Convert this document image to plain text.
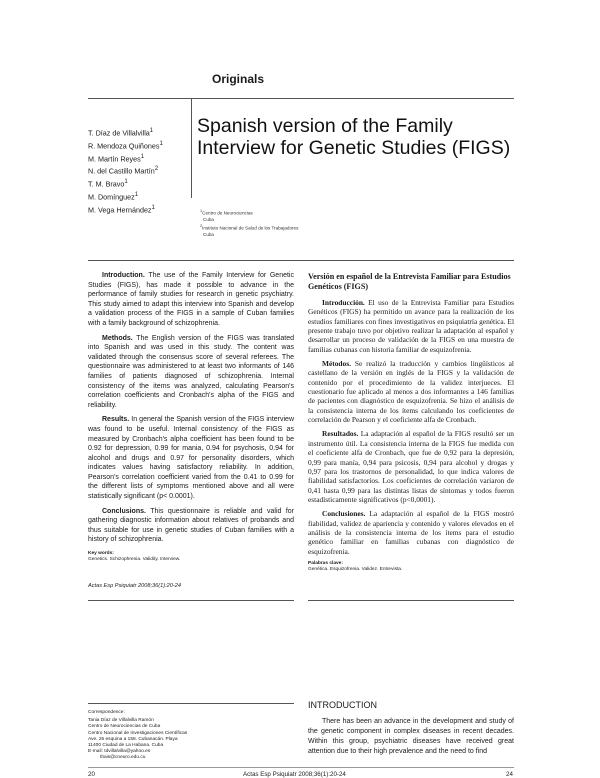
Originals
T. Díaz de Villalvilla$^1$
R. Mendoza Quiñones$^1$
M. Martín Reyes$^1$
N. del Castillo Martín$^2$
T. M. Bravo$^1$
M. Domínguez$^1$
M. Vega Hernández$^1$
Spanish version of the Family Interview for Genetic Studies (FIGS)
$^1$Centro de Neurociencias
Cuba
$^2$Instituto Nacional de Salud de los Trabajadores
Cuba

Introduction. The use of the Family Interview for Genetic Studies (FIGS), has made it possible to advance in the performance of family studies for research in genetic psychiatry. This study aimed to adapt this interview into Spanish and develop a validation process of the FIGS in a sample of Cuban families with a family background of schizophrenia.

Methods. The English version of the FIGS was translated into Spanish and was used in this study. The content was validated through the consensus score of several referees. The questionnaire was administered to at least two informants of 146 families of patients diagnosed of schizophrenia. Internal consistency of the items was analyzed, calculating Pearson's correlation coefficients and Cronbach's alpha of the FIGS and reliability.

Results. In general the Spanish version of the FIGS interview was found to be useful. Internal consistency of the FIGS as measured by Cronbach's alpha coefficient has been found to be 0.92 for depression, 0.99 for mania, 0.94 for psychosis, 0.94 for alcohol and drugs and 0.97 for personality disorders, which indicates values having satisfactory reliability. In addition, Pearson's correlation coefficient varied from the 0.41 to 0.99 for the different lists of symptoms mentioned above and all were statistically significant (p< 0.0001).

Conclusions. This questionnaire is reliable and valid for gathering diagnostic information about relatives of probands and thus suitable for use in genetic studies of Cuban families with a history of schizophrenia.

Key words:
Genetics. Schizophrenia. Validity. Interview.
Actas Esp Psiquiatr 2008;36(1):20-24
Versión en español de la Entrevista Familiar para Estudios Genéticos (FIGS)

Introducción. El uso de la Entrevista Familiar para Estudios Genéticos (FIGS) ha permitido un avance para la realización de los estudios familiares con fines investigativos en psiquiatría genética. El presente trabajo tuvo por objetivo realizar la adaptación al español y desarrollar un proceso de validación de la FIGS en una muestra de familias cubanas con historia familiar de esquizofrenia.

Métodos. Se realizó la traducción y cambios lingüísticos al castellano de la versión en inglés de la FIGS y la validación de contenido por el procedimiento de la validez interjueces. El cuestionario fue aplicado al menos a dos informantes a 146 familias de pacientes con diagnóstico de esquizofrenia. Se hizo el análisis de la consistencia interna de los ítems calculando los coeficientes de correlación de Pearson y el coeficiente alfa de Cronbach.

Resultados. La adaptación al español de la FIGS resultó ser un instrumento útil. La consistencia interna de la FIGS fue medida con el coeficiente alfa de Cronbach, que fue de 0,92 para la depresión, 0,99 para manía, 0,94 para psicosis, 0,94 para alcohol y drogas y 0,97 para los trastornos de personalidad, lo que indica valores de fiabilidad satisfactorios. Los coeficientes de correlación variaron de 0,41 hasta 0,99 para las distintas listas de síntomas y todos fueron estadísticamente significativos (p<0,0001).

Conclusiones. La adaptación al español de la FIGS mostró fiabilidad, validez de apariencia y contenido y valores elevados en el análisis de la consistencia interna de los ítems para el estudio genético familiar en familias cubanas con diagnóstico de esquizofrenia.

Palabras clave:
Genética. Esquizofrenia. Validez. Entrevista.
Correspondence:
Tania Díaz de Villalvilla Ramón
Centro de Neurociencias de Cuba
Centro Nacional de Investigaciones Científicas
Ave. 25 esquina a 158. Cubanacán. Playa
11400 Ciudad de La Habana. Cuba
E-mail: tdvillalvilla@yahoo.es
thais@cneuro.edu.cu
INTRODUCTION

There has been an advance in the development and study of the genetic component in complex diseases in recent decades. Within this group, psychiatric diseases have received great attention due to their high prevalence and the need to find

20	Actas Esp Psiquiatr 2008;36(1):20-24	24
